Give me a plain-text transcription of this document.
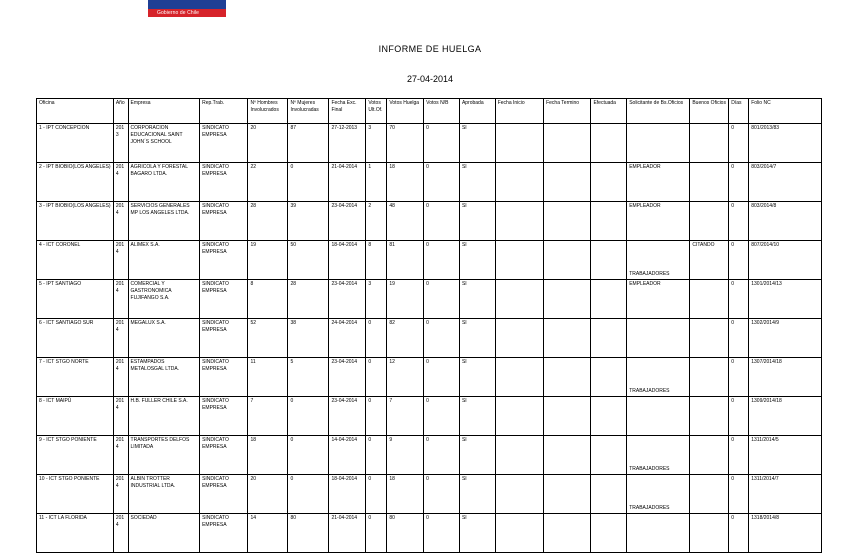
Gobierno de Chile
INFORME DE HUELGA
27-04-2014
Oficina	Año	Empresa	Rep.Trab.	Nº Hombres Involucrados	Nº Mujeres Involucradas	Fecha Exc. Final	Votos Ult.Of.	Votos Huelga	Votos N/B	Aprobada	Fecha Inicio	Fecha Termino	Efectuada	Solicitante de Bs.Oficios	Buenos Oficios	Días	Folio NC
1 - IPT CONCEPCION	2013	CORPORACION EDUCACIONAL SAINT JOHN´S SCHOOL	SINDICATO EMPRESA	20	87	27-12-2013	3	70	0	SI						0	801/2013/83
2 - IPT BIOBIO(LOS ANGELES)	2014	AGRICOLA Y FORESTAL BAGARO LTDA.	SINDICATO EMPRESA	22	0	21-04-2014	1	18	0	SI				EMPLEADOR		0	803/2014/7
3 - IPT BIOBIO(LOS ANGELES)	2014	SERVICIOS GENERALES MP LOS ANGELES LTDA.	SINDICATO EMPRESA	28	39	23-04-2014	2	48	0	SI				EMPLEADOR		0	803/2014/8
4 - ICT CORONEL	2014	ALIMEX S.A.	SINDICATO EMPRESA	19	50	18-04-2014	8	81	0	SI				TRABAJADORES	CITANDO	0	807/2014/10
5 - IPT SANTIAGO	2014	COMERCIAL Y GASTRONOMICA FUJIFANGO S.A.	SINDICATO EMPRESA	8	28	23-04-2014	3	19	0	SI				EMPLEADOR		0	1301/2014/13
6 - ICT SANTIAGO SUR	2014	MEGALUX S.A.	SINDICATO EMPRESA	52	38	24-04-2014	0	82	0	SI						0	1302/2014/9
7 - ICT STGO NORTE	2014	ESTAMPADOS METALOSGAL LTDA.	SINDICATO EMPRESA	11	5	23-04-2014	0	12	0	SI				TRABAJADORES		0	1307/2014/18
8 - ICT MAIPÚ	2014	H.B. FULLER CHILE S.A.	SINDICATO EMPRESA	7	0	23-04-2014	0	7	0	SI						0	1309/2014/18
9 - ICT STGO PONIENTE	2014	TRANSPORTES DELFOS LIMITADA	SINDICATO EMPRESA	18	0	14-04-2014	0	9	0	SI				TRABAJADORES		0	1311/2014/5
10 - ICT STGO PONIENTE	2014	ALBIN TROTTER INDUSTRIAL LTDA.	SINDICATO EMPRESA	20	0	18-04-2014	0	18	0	SI				TRABAJADORES		0	1311/2014/7
11 - ICT LA FLORIDA	2014	SOCIEDAD	SINDICATO EMPRESA	14	80	21-04-2014	0	80	0	SI						0	1318/2014/8
